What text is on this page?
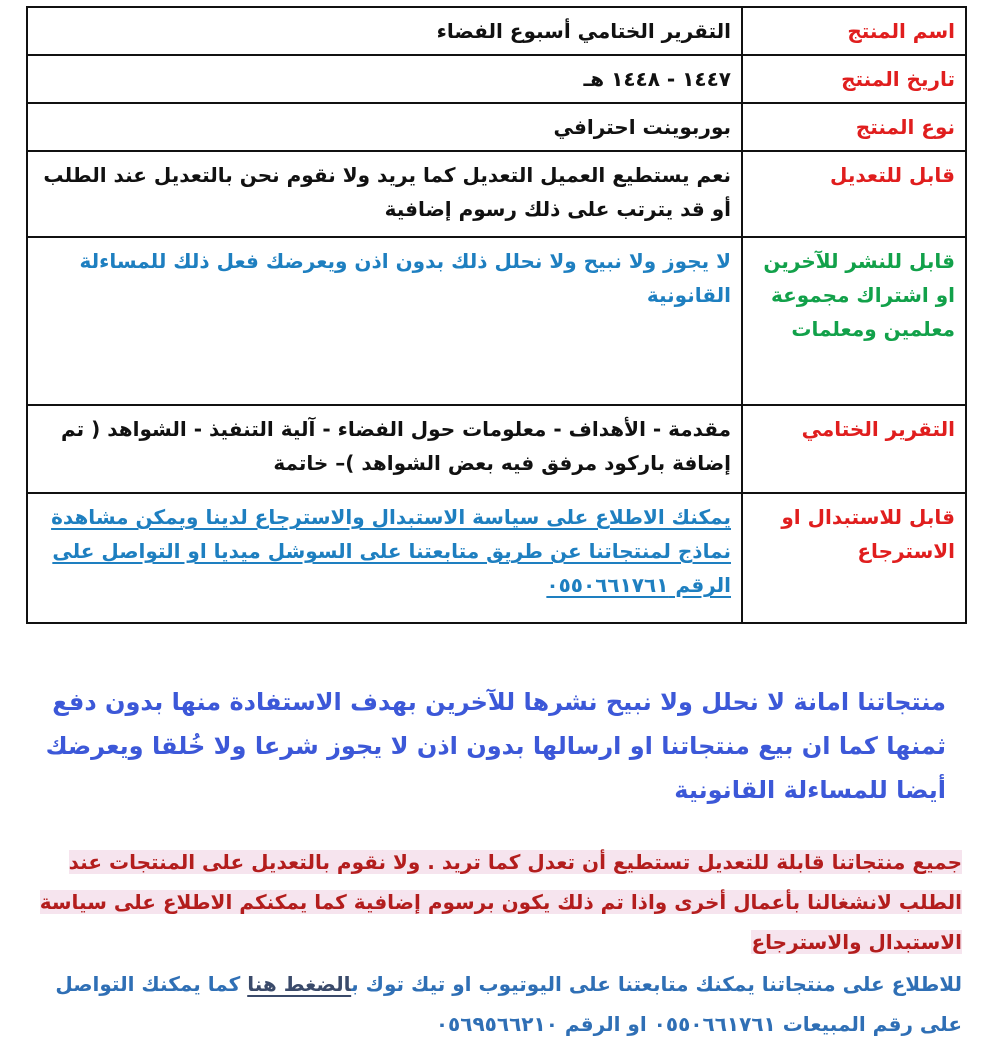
اسم المنتج	التقرير الختامي أسبوع الفضاء
تاريخ المنتج	١٤٤٧ - ١٤٤٨ هـ
نوع المنتج	بوربوينت احترافي
قابل للتعديل	نعم يستطيع العميل التعديل كما يريد ولا نقوم نحن بالتعديل عند الطلب أو قد يترتب على ذلك رسوم إضافية
قابل للنشر للآخرين او اشتراك مجموعة معلمين ومعلمات	لا يجوز ولا نبيح ولا نحلل ذلك بدون اذن ويعرضك فعل ذلك للمساءلة القانونية
التقرير الختامي	مقدمة - الأهداف - معلومات حول الفضاء - آلية التنفيذ - الشواهد ( تم إضافة باركود مرفق فيه بعض الشواهد )– خاتمة
قابل للاستبدال او الاسترجاع	يمكنك الاطلاع على سياسة الاستبدال والاسترجاع لدينا ويمكن مشاهدة نماذج لمنتجاتنا عن طريق متابعتنا على السوشل ميديا او التواصل على الرقم ٠٥٥٠٦٦١٧٦١
منتجاتنا امانة لا نحلل ولا نبيح نشرها للآخرين بهدف الاستفادة منها بدون دفع ثمنها كما ان بيع منتجاتنا او ارسالها بدون اذن لا يجوز شرعا ولا خُلقا ويعرضك أيضا للمساءلة القانونية
جميع منتجاتنا قابلة للتعديل تستطيع أن تعدل كما تريد . ولا نقوم بالتعديل على المنتجات عند الطلب لانشغالنا بأعمال أخرى واذا تم ذلك يكون برسوم إضافية كما يمكنكم الاطلاع على سياسة الاستبدال والاسترجاع
للاطلاع على منتجاتنا يمكنك متابعتنا على اليوتيوب او تيك توك بالضغط هنا كما يمكنك التواصل على رقم المبيعات ٠٥٥٠٦٦١٧٦١ او الرقم ٠٥٦٩٥٦٦٢١٠
